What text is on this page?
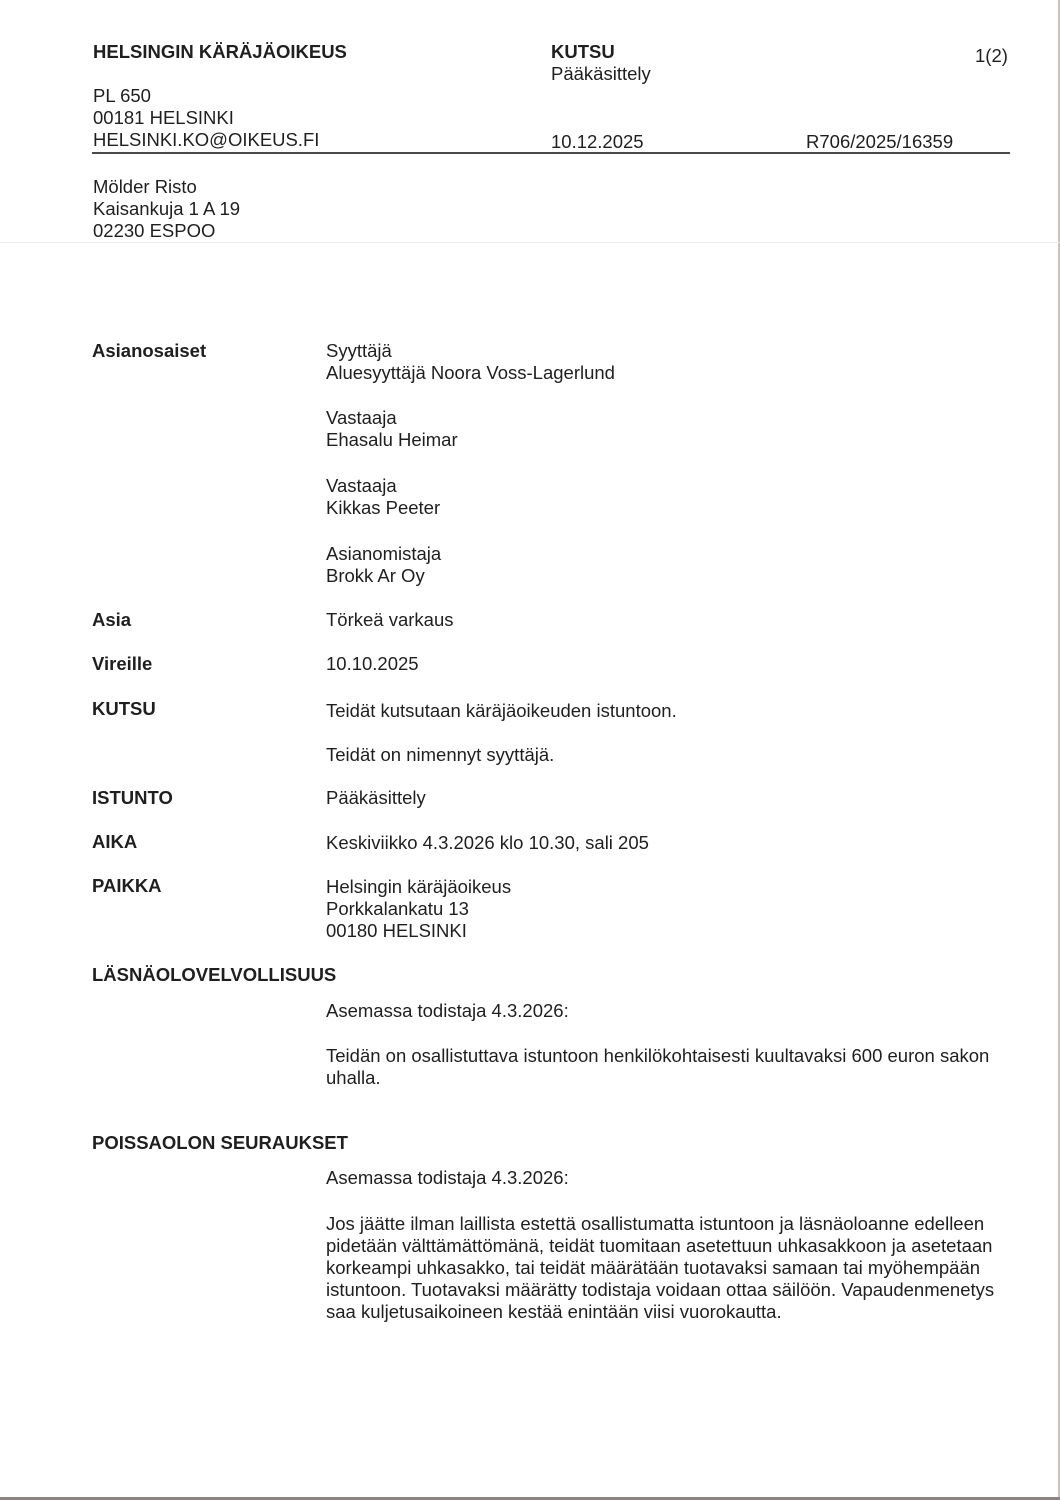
HELSINGIN KÄRÄJÄOIKEUS
PL 650
00181 HELSINKI
HELSINKI.KO@OIKEUS.FI
KUTSU
Pääkäsittely
1(2)
10.12.2025	R706/2025/16359
Mölder Risto
Kaisankuja 1 A 19
02230 ESPOO
Asianosaiset	Syyttäjä
Aluesyyttäjä Noora Voss-Lagerlund
Vastaaja
Ehasalu Heimar
Vastaaja
Kikkas Peeter
Asianomistaja
Brokk Ar Oy
Asia	Törkeä varkaus
Vireille	10.10.2025
KUTSU	Teidät kutsutaan käräjäoikeuden istuntoon.
Teidät on nimennyt syyttäjä.
ISTUNTO	Pääkäsittely
AIKA	Keskiviikko 4.3.2026 klo 10.30, sali 205
PAIKKA	Helsingin käräjäoikeus
Porkkalankatu 13
00180 HELSINKI
LÄSNÄOLOVELVOLLISUUS
Asemassa todistaja 4.3.2026:
Teidän on osallistuttava istuntoon henkilökohtaisesti kuultavaksi 600 euron sakon uhalla.
POISSAOLON SEURAUKSET
Asemassa todistaja 4.3.2026:
Jos jäätte ilman laillista estettä osallistumatta istuntoon ja läsnäoloanne edelleen pidetään välttämättömänä, teidät tuomitaan asetettuun uhkasakkoon ja asetetaan korkeampi uhkasakko, tai teidät määrätään tuotavaksi samaan tai myöhempään istuntoon. Tuotavaksi määrätty todistaja voidaan ottaa säilöön. Vapaudenmenetys saa kuljetusaikoineen kestää enintään viisi vuorokautta.
